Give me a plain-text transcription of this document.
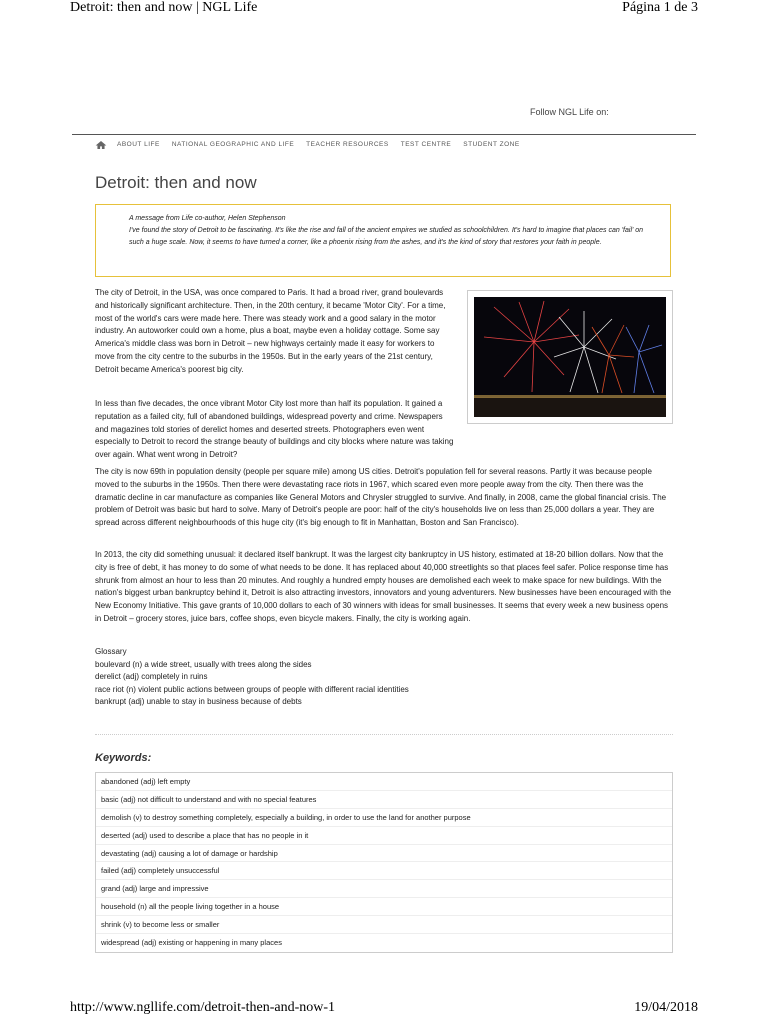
Detroit: then and now | NGL Life	Página 1 de 3
Follow NGL Life on:
ABOUT LIFE NATIONAL GEOGRAPHIC AND LIFE TEACHER RESOURCES TEST CENTRE STUDENT ZONE
Detroit: then and now
A message from Life co-author, Helen Stephenson
I've found the story of Detroit to be fascinating. It's like the rise and fall of the ancient empires we studied as schoolchildren. It's hard to imagine that places can 'fail' on such a huge scale. Now, it seems to have turned a corner, like a phoenix rising from the ashes, and it's the kind of story that restores your faith in people.
The city of Detroit, in the USA, was once compared to Paris. It had a broad river, grand boulevards and historically significant architecture. Then, in the 20th century, it became 'Motor City'. For a time, most of the world's cars were made here. There was steady work and a good salary in the motor industry. An autoworker could own a home, plus a boat, maybe even a holiday cottage. Some say America's middle class was born in Detroit – new highways certainly made it easy for workers to move from the city centre to the suburbs in the 1950s. But in the early years of the 21st century, Detroit became America's poorest big city.
In less than five decades, the once vibrant Motor City lost more than half its population. It gained a reputation as a failed city, full of abandoned buildings, widespread poverty and crime. Newspapers and magazines told stories of derelict homes and deserted streets. Photographers even went especially to Detroit to record the strange beauty of buildings and city blocks where nature was taking over again. What went wrong in Detroit?
The city is now 69th in population density (people per square mile) among US cities. Detroit's population fell for several reasons. Partly it was because people moved to the suburbs in the 1950s. Then there were devastating race riots in 1967, which scared even more people away from the city. Then there was the dramatic decline in car manufacture as companies like General Motors and Chrysler struggled to survive. And finally, in 2008, came the global financial crisis. The problem of Detroit was basic but hard to solve. Many of Detroit's people are poor: half of the city's households live on less than 25,000 dollars a year. They are spread across different neighbourhoods of this huge city (it's big enough to fit in Manhattan, Boston and San Francisco).
In 2013, the city did something unusual: it declared itself bankrupt. It was the largest city bankruptcy in US history, estimated at 18-20 billion dollars. Now that the city is free of debt, it has money to do some of what needs to be done. It has replaced about 40,000 streetlights so that places feel safer. Police response time has shrunk from almost an hour to less than 20 minutes. And roughly a hundred empty houses are demolished each week to make space for new buildings. With the nation's biggest urban bankruptcy behind it, Detroit is also attracting investors, innovators and young adventurers. New businesses have been encouraged with the New Economy Initiative. This gave grants of 10,000 dollars to each of 30 winners with ideas for small businesses. It seems that every week a new business opens in Detroit – grocery stores, juice bars, coffee shops, even bicycle makers. Finally, the city is working again.
Glossary
boulevard (n) a wide street, usually with trees along the sides
derelict (adj) completely in ruins
race riot (n) violent public actions between groups of people with different racial identities
bankrupt (adj) unable to stay in business because of debts
Keywords:
abandoned (adj) left empty
basic (adj) not difficult to understand and with no special features
demolish (v) to destroy something completely, especially a building, in order to use the land for another purpose
deserted (adj) used to describe a place that has no people in it
devastating (adj) causing a lot of damage or hardship
failed (adj) completely unsuccessful
grand (adj) large and impressive
household (n) all the people living together in a house
shrink (v) to become less or smaller
widespread (adj) existing or happening in many places
http://www.ngllife.com/detroit-then-and-now-1	19/04/2018
